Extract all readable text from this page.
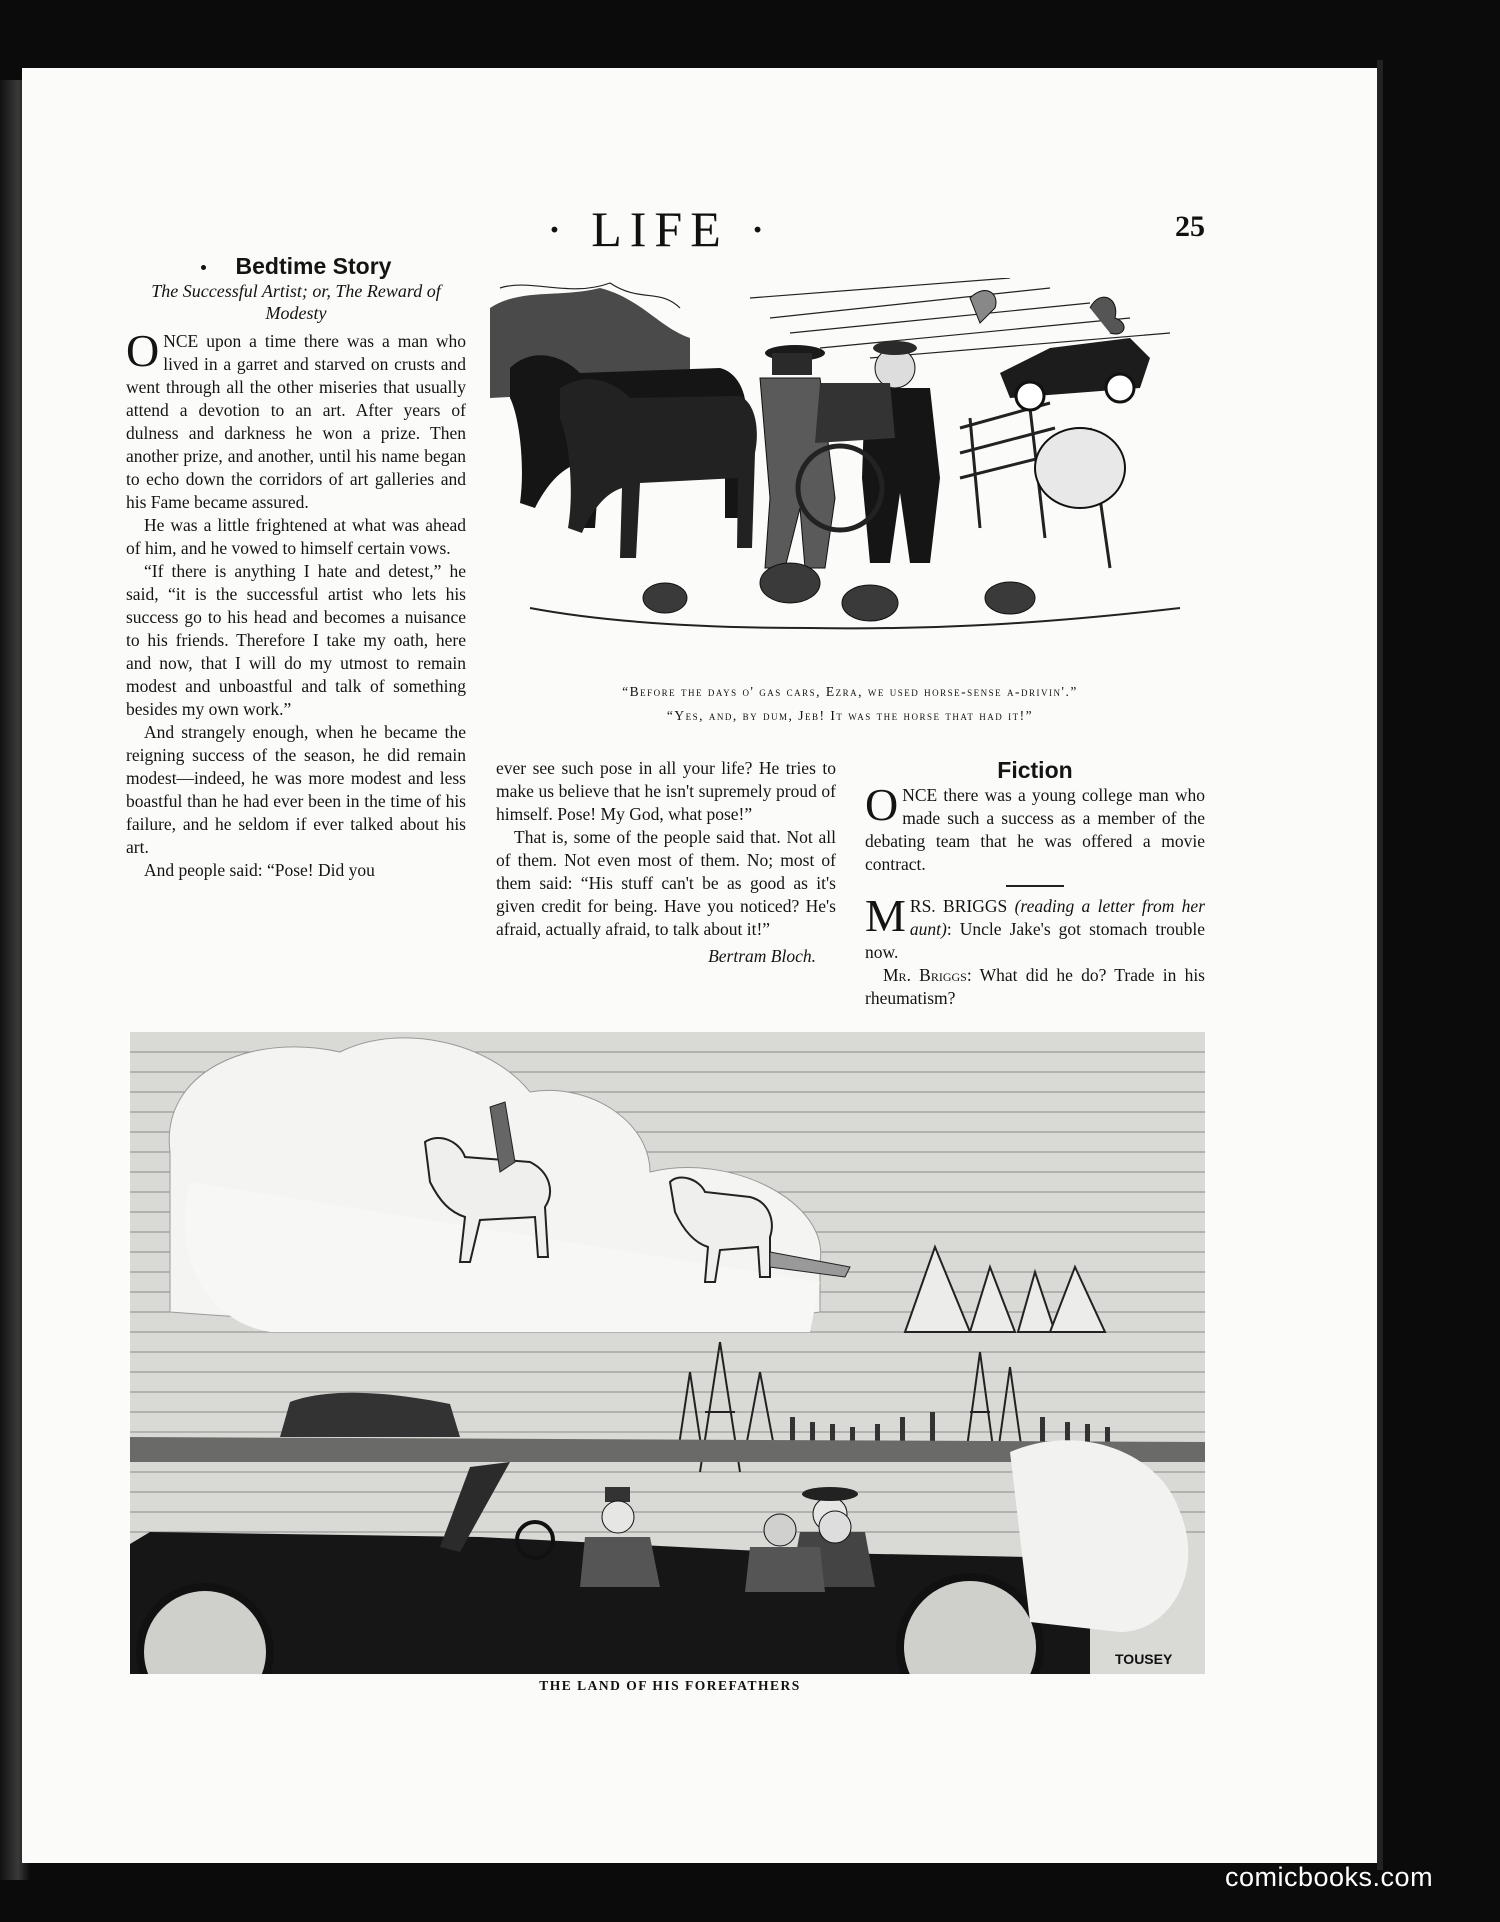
· LIFE ·	25
Bedtime Story
The Successful Artist; or, The Reward of Modesty

ONCE upon a time there was a man who lived in a garret and starved on crusts and went through all the other miseries that usually attend a devotion to an art. After years of dulness and darkness he won a prize. Then another prize, and another, until his name began to echo down the corridors of art galleries and his Fame became assured.

He was a little frightened at what was ahead of him, and he vowed to himself certain vows.

“If there is anything I hate and detest,” he said, “it is the successful artist who lets his success go to his head and becomes a nuisance to his friends. Therefore I take my oath, here and now, that I will do my utmost to remain modest and unboastful and talk of something besides my own work.”

And strangely enough, when he became the reigning success of the season, he did remain modest—indeed, he was more modest and less boastful than he had ever been in the time of his failure, and he seldom if ever talked about his art.

And people said: “Pose! Did you

“Before the days o' gas cars, Ezra, we used horse-sense a-drivin'.”
“Yes, and, by dum, Jeb! It was the horse that had it!”

ever see such pose in all your life? He tries to make us believe that he isn't supremely proud of himself. Pose! My God, what pose!”

That is, some of the people said that. Not all of them. Not even most of them. No; most of them said: “His stuff can't be as good as it's given credit for being. Have you noticed? He's afraid, actually afraid, to talk about it!”

Bertram Bloch.
Fiction

ONCE there was a young college man who made such a success as a member of the debating team that he was offered a movie contract.

MRS. BRIGGS (reading a letter from her aunt): Uncle Jake's got stomach trouble now.

Mr. Briggs: What did he do? Trade in his rheumatism?

TOUSEY
THE LAND OF HIS FOREFATHERS
comicbooks.com
